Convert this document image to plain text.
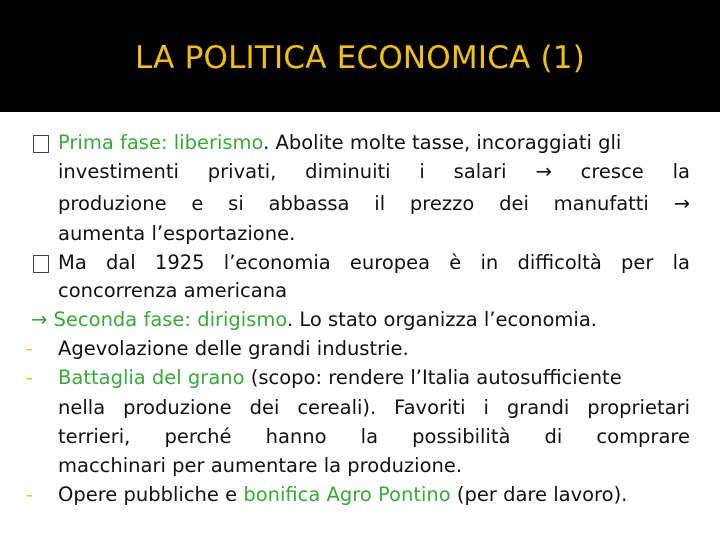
LA POLITICA ECONOMICA (1)
Prima fase: liberismo. Abolite molte tasse, incoraggiati gli
investimenti privati, diminuiti i salari → cresce la
produzione e si abbassa il prezzo dei manufatti →
aumenta l’esportazione.
Ma dal 1925 l’economia europea è in difficoltà per la
concorrenza americana
→ Seconda fase: dirigismo. Lo stato organizza l’economia.
-	Agevolazione delle grandi industrie.
-	Battaglia del grano (scopo: rendere l’Italia autosufficiente
nella produzione dei cereali). Favoriti i grandi proprietari
terrieri, perché hanno la possibilità di comprare
macchinari per aumentare la produzione.
-	Opere pubbliche e bonifica Agro Pontino (per dare lavoro).
